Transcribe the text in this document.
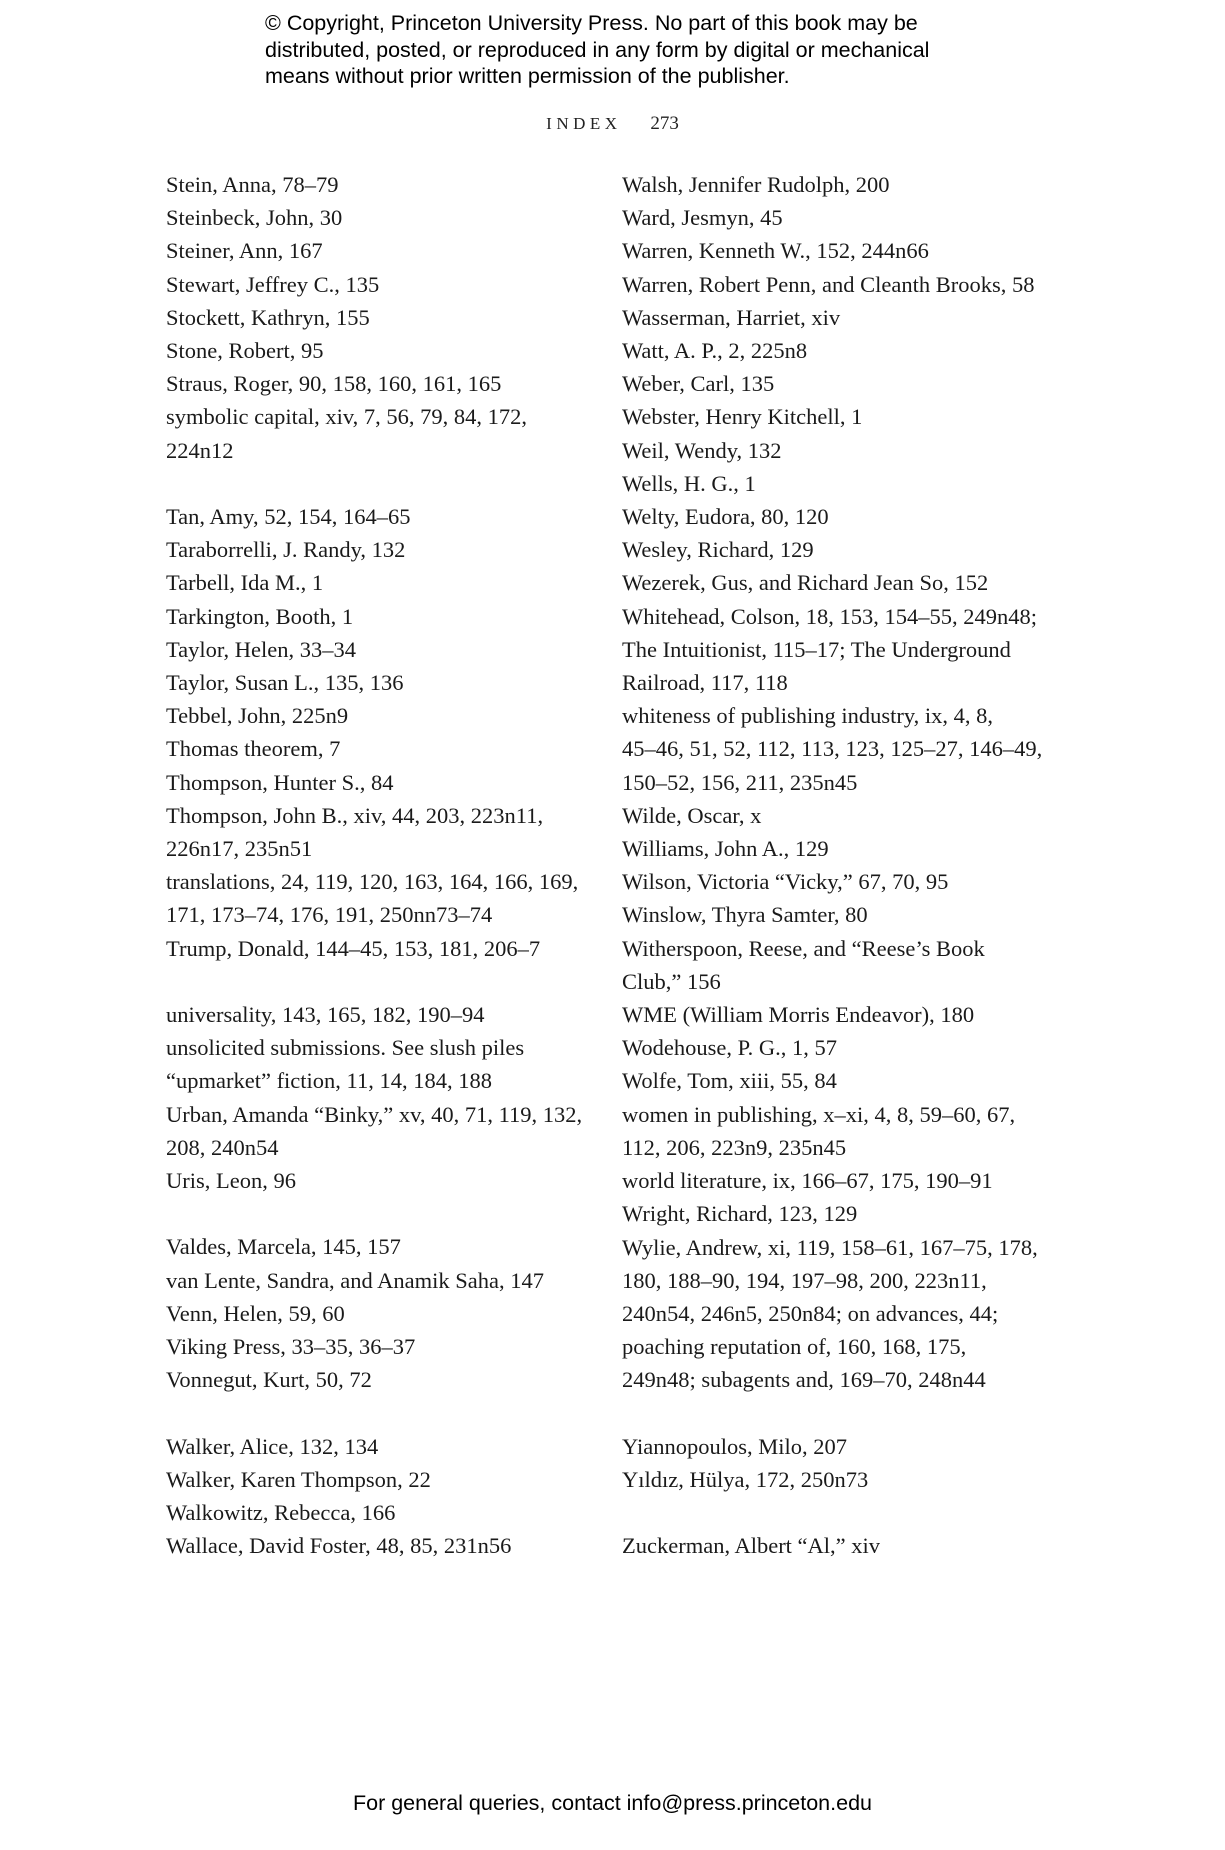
© Copyright, Princeton University Press. No part of this book may be
distributed, posted, or reproduced in any form by digital or mechanical
means without prior written permission of the publisher.
INDEX 273
Stein, Anna, 78–79
Steinbeck, John, 30
Steiner, Ann, 167
Stewart, Jeffrey C., 135
Stockett, Kathryn, 155
Stone, Robert, 95
Straus, Roger, 90, 158, 160, 161, 165
symbolic capital, xiv, 7, 56, 79, 84, 172,
224n12
Tan, Amy, 52, 154, 164–65
Taraborrelli, J. Randy, 132
Tarbell, Ida M., 1
Tarkington, Booth, 1
Taylor, Helen, 33–34
Taylor, Susan L., 135, 136
Tebbel, John, 225n9
Thomas theorem, 7
Thompson, Hunter S., 84
Thompson, John B., xiv, 44, 203, 223n11,
226n17, 235n51
translations, 24, 119, 120, 163, 164, 166, 169,
171, 173–74, 176, 191, 250nn73–74
Trump, Donald, 144–45, 153, 181, 206–7
universality, 143, 165, 182, 190–94
unsolicited submissions. See slush piles
“upmarket” fiction, 11, 14, 184, 188
Urban, Amanda “Binky,” xv, 40, 71, 119, 132,
208, 240n54
Uris, Leon, 96
Valdes, Marcela, 145, 157
van Lente, Sandra, and Anamik Saha, 147
Venn, Helen, 59, 60
Viking Press, 33–35, 36–37
Vonnegut, Kurt, 50, 72
Walker, Alice, 132, 134
Walker, Karen Thompson, 22
Walkowitz, Rebecca, 166
Wallace, David Foster, 48, 85, 231n56
Walsh, Jennifer Rudolph, 200
Ward, Jesmyn, 45
Warren, Kenneth W., 152, 244n66
Warren, Robert Penn, and Cleanth Brooks, 58
Wasserman, Harriet, xiv
Watt, A. P., 2, 225n8
Weber, Carl, 135
Webster, Henry Kitchell, 1
Weil, Wendy, 132
Wells, H. G., 1
Welty, Eudora, 80, 120
Wesley, Richard, 129
Wezerek, Gus, and Richard Jean So, 152
Whitehead, Colson, 18, 153, 154–55, 249n48;
The Intuitionist, 115–17; The Underground
Railroad, 117, 118
whiteness of publishing industry, ix, 4, 8,
45–46, 51, 52, 112, 113, 123, 125–27, 146–49,
150–52, 156, 211, 235n45
Wilde, Oscar, x
Williams, John A., 129
Wilson, Victoria “Vicky,” 67, 70, 95
Winslow, Thyra Samter, 80
Witherspoon, Reese, and “Reese’s Book
Club,” 156
WME (William Morris Endeavor), 180
Wodehouse, P. G., 1, 57
Wolfe, Tom, xiii, 55, 84
women in publishing, x–xi, 4, 8, 59–60, 67,
112, 206, 223n9, 235n45
world literature, ix, 166–67, 175, 190–91
Wright, Richard, 123, 129
Wylie, Andrew, xi, 119, 158–61, 167–75, 178,
180, 188–90, 194, 197–98, 200, 223n11,
240n54, 246n5, 250n84; on advances, 44;
poaching reputation of, 160, 168, 175,
249n48; subagents and, 169–70, 248n44
Yiannopoulos, Milo, 207
Yıldız, Hülya, 172, 250n73
Zuckerman, Albert “Al,” xiv
For general queries, contact info@press.princeton.edu
